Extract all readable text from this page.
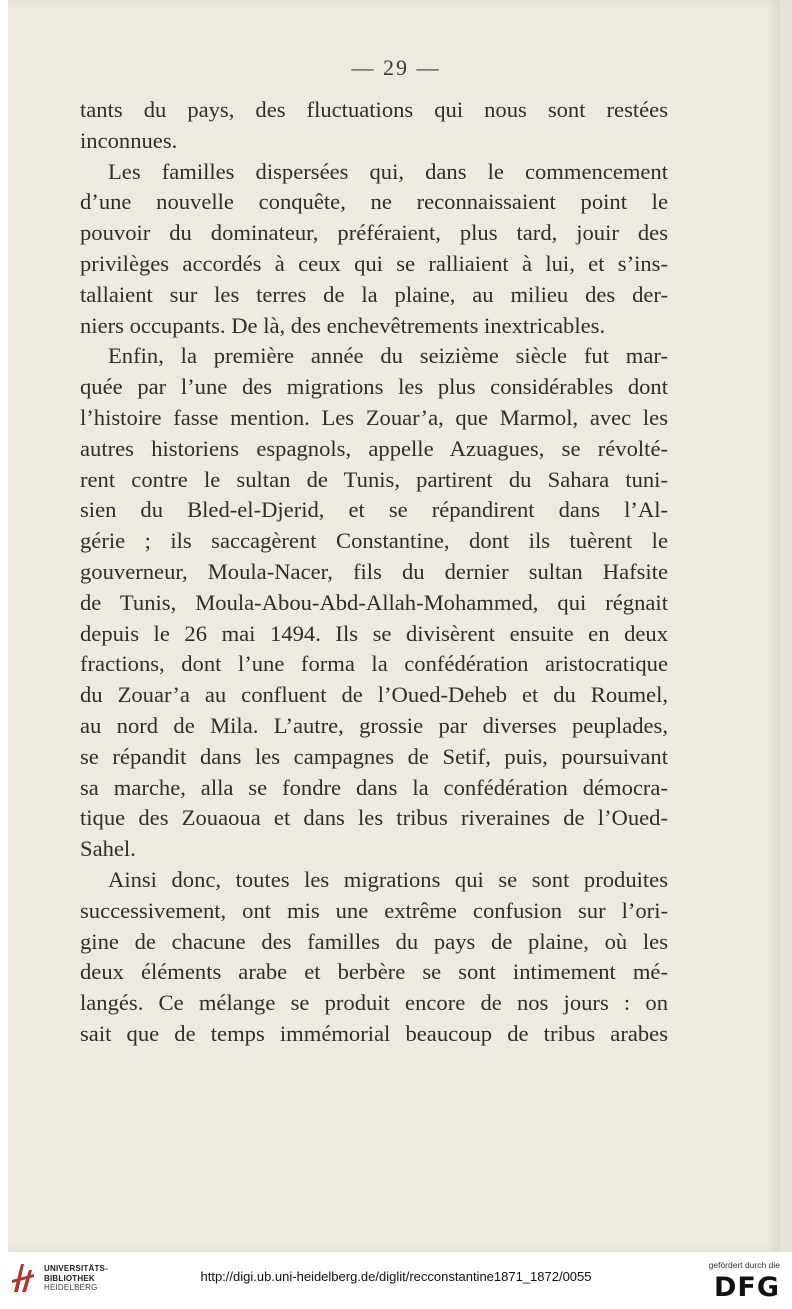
— 29 —
tants du pays, des fluctuations qui nous sont restées
inconnues.
Les familles dispersées qui, dans le commencement
d’une nouvelle conquête, ne reconnaissaient point le
pouvoir du dominateur, préféraient, plus tard, jouir des
privilèges accordés à ceux qui se ralliaient à lui, et s’ins-
tallaient sur les terres de la plaine, au milieu des der-
niers occupants. De là, des enchevêtrements inextricables.
Enfin, la première année du seizième siècle fut mar-
quée par l’une des migrations les plus considérables dont
l’histoire fasse mention. Les Zouar’a, que Marmol, avec les
autres historiens espagnols, appelle Azuagues, se révolté-
rent contre le sultan de Tunis, partirent du Sahara tuni-
sien du Bled-el-Djerid, et se répandirent dans l’Al-
gérie ; ils saccagèrent Constantine, dont ils tuèrent le
gouverneur, Moula-Nacer, fils du dernier sultan Hafsite
de Tunis, Moula-Abou-Abd-Allah-Mohammed, qui régnait
depuis le 26 mai 1494. Ils se divisèrent ensuite en deux
fractions, dont l’une forma la confédération aristocratique
du Zouar’a au confluent de l’Oued-Deheb et du Roumel,
au nord de Mila. L’autre, grossie par diverses peuplades,
se répandit dans les campagnes de Setif, puis, poursuivant
sa marche, alla se fondre dans la confédération démocra-
tique des Zouaoua et dans les tribus riveraines de l’Oued-
Sahel.
Ainsi donc, toutes les migrations qui se sont produites
successivement, ont mis une extrême confusion sur l’ori-
gine de chacune des familles du pays de plaine, où les
deux éléments arabe et berbère se sont intimement mé-
langés. Ce mélange se produit encore de nos jours : on
sait que de temps immémorial beaucoup de tribus arabes
UNIVERSITÄTS-
BIBLIOTHEK
HEIDELBERG
http://digi.ub.uni-heidelberg.de/diglit/recconstantine1871_1872/0055
gefördert durch die
DFG
